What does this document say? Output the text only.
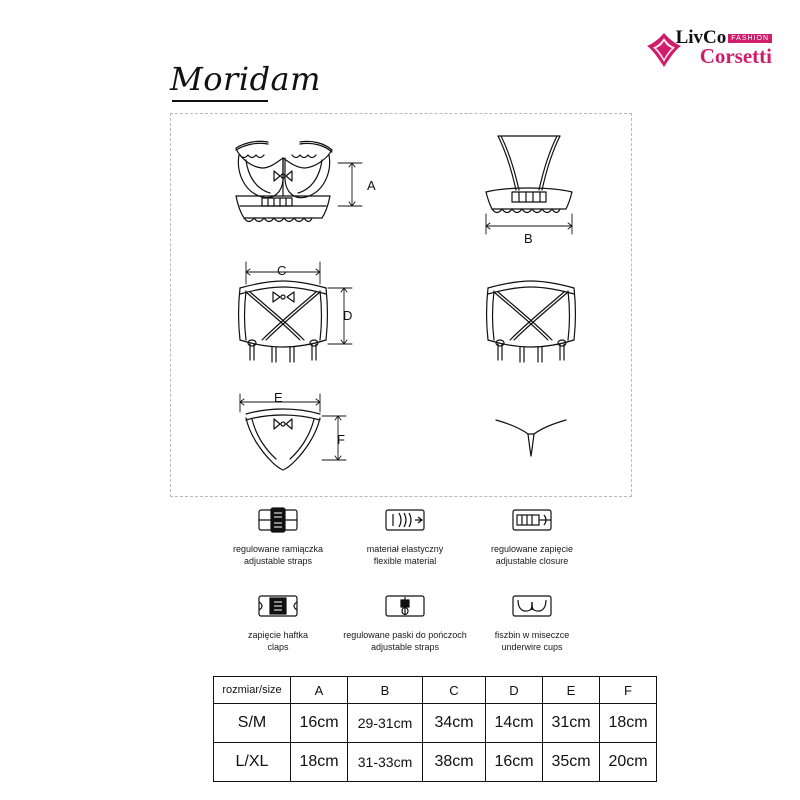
LivCo FASHION
Corsetti
Moridam
A
B
C
D
E
F
regulowane ramiączka
adjustable straps
materiał elastyczny
flexible material
regulowane zapięcie
adjustable closure
zapięcie haftka
claps
regulowane paski do pończoch
adjustable straps
fiszbin w miseczce
underwire cups
rozmiar/size	A	B	C	D	E	F
S/M	16cm	29-31cm	34cm	14cm	31cm	18cm
L/XL	18cm	31-33cm	38cm	16cm	35cm	20cm
